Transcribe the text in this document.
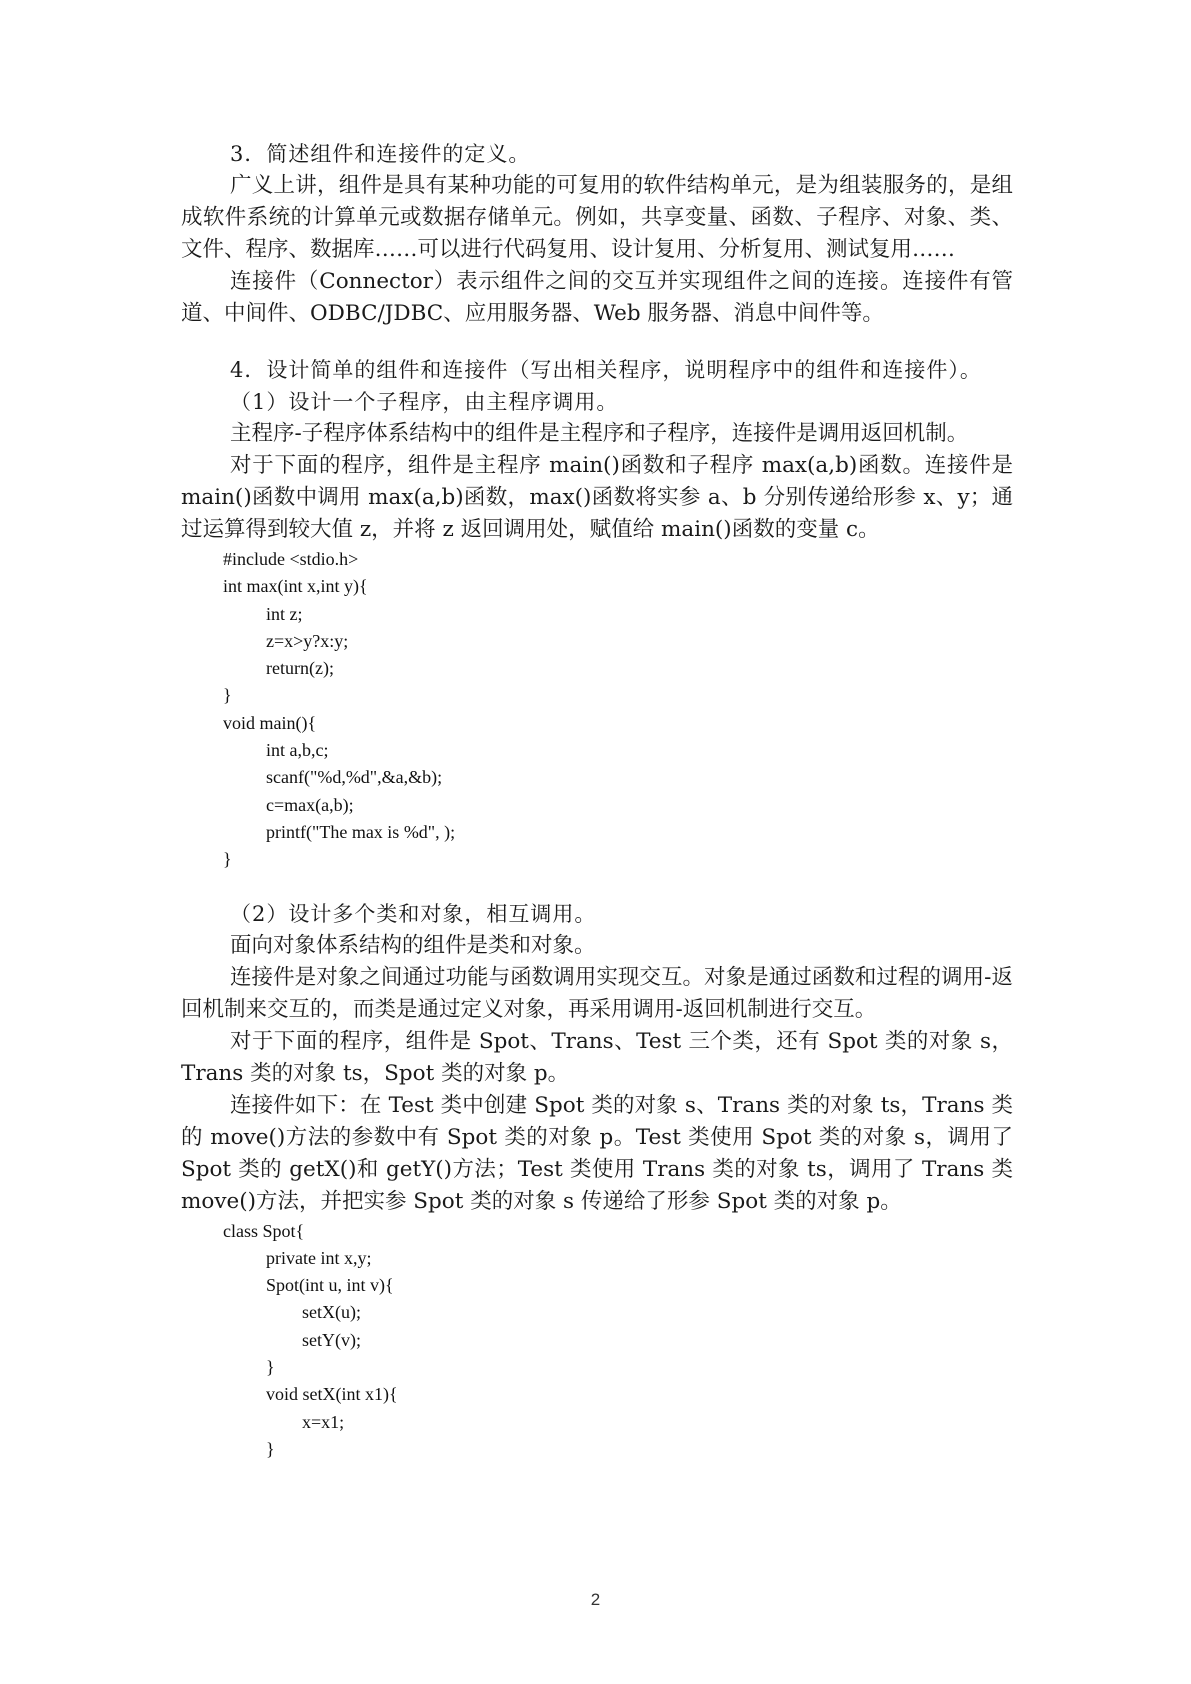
3．简述组件和连接件的定义。

广义上讲，组件是具有某种功能的可复用的软件结构单元，是为组装服务的，是组成软件系统的计算单元或数据存储单元。例如，共享变量、函数、子程序、对象、类、文件、程序、数据库……可以进行代码复用、设计复用、分析复用、测试复用……

连接件（Connector）表示组件之间的交互并实现组件之间的连接。连接件有管道、中间件、ODBC/JDBC、应用服务器、Web 服务器、消息中间件等。

4．设计简单的组件和连接件（写出相关程序，说明程序中的组件和连接件）。

（1）设计一个子程序，由主程序调用。

主程序-子程序体系结构中的组件是主程序和子程序，连接件是调用返回机制。

对于下面的程序，组件是主程序 main()函数和子程序 max(a,b)函数。连接件是 main()函数中调用 max(a,b)函数，max()函数将实参 a、b 分别传递给形参 x、y；通过运算得到较大值 z，并将 z 返回调用处，赋值给 main()函数的变量 c。

#include <stdio.h>
int max(int x,int y){
int z;
z=x>y?x:y;
return(z);
}
void main(){
int a,b,c;
scanf("%d,%d",&a,&b);
c=max(a,b);
printf("The max is %d", );
}

（2）设计多个类和对象，相互调用。

面向对象体系结构的组件是类和对象。

连接件是对象之间通过功能与函数调用实现交互。对象是通过函数和过程的调用-返回机制来交互的，而类是通过定义对象，再采用调用-返回机制进行交互。

对于下面的程序，组件是 Spot、Trans、Test 三个类，还有 Spot 类的对象 s，Trans 类的对象 ts，Spot 类的对象 p。

连接件如下：在 Test 类中创建 Spot 类的对象 s、Trans 类的对象 ts，Trans 类的 move()方法的参数中有 Spot 类的对象 p。Test 类使用 Spot 类的对象 s，调用了 Spot 类的 getX()和 getY()方法；Test 类使用 Trans 类的对象 ts，调用了 Trans 类 move()方法，并把实参 Spot 类的对象 s 传递给了形参 Spot 类的对象 p。

class Spot{
private int x,y;
Spot(int u, int v){
setX(u);
setY(v);
}
void setX(int x1){
x=x1;
}
2
